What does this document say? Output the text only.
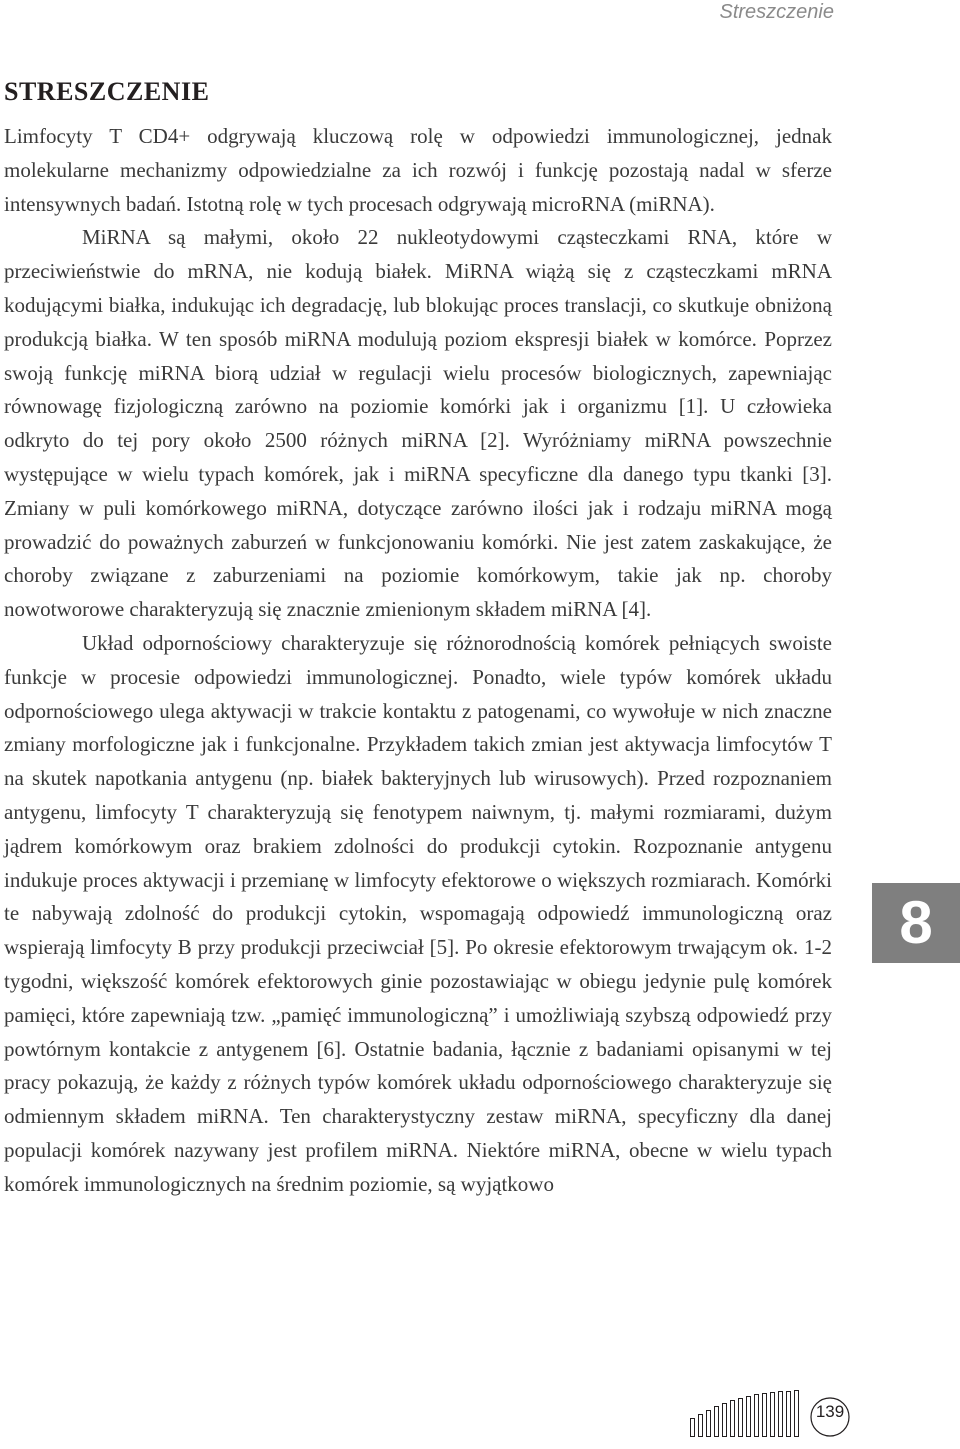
Streszczenie
STRESZCZENIE

Limfocyty T CD4+ odgrywają kluczową rolę w odpowiedzi immunologicznej, jednak molekularne mechanizmy odpowiedzialne za ich rozwój i funkcję pozostają nadal w sferze intensywnych badań. Istotną rolę w tych procesach odgrywają microRNA (miRNA).

MiRNA są małymi, około 22 nukleotydowymi cząsteczkami RNA, które w przeciwieństwie do mRNA, nie kodują białek. MiRNA wiążą się z cząsteczkami mRNA kodującymi białka, indukując ich degradację, lub blokując proces translacji, co skutkuje obniżoną produkcją białka. W ten sposób miRNA modulują poziom ekspresji białek w komórce. Poprzez swoją funkcję miRNA biorą udział w regulacji wielu procesów biologicznych, zapewniając równowagę fizjologiczną zarówno na poziomie komórki jak i organizmu [1]. U człowieka odkryto do tej pory około 2500 różnych miRNA [2]. Wyróżniamy miRNA powszechnie występujące w wielu typach komórek, jak i miRNA specyficzne dla danego typu tkanki [3]. Zmiany w puli komórkowego miRNA, dotyczące zarówno ilości jak i rodzaju miRNA mogą prowadzić do poważnych zaburzeń w funkcjonowaniu komórki. Nie jest zatem zaskakujące, że choroby związane z zaburzeniami na poziomie komórkowym, takie jak np. choroby nowotworowe charakteryzują się znacznie zmienionym składem miRNA [4].

Układ odpornościowy charakteryzuje się różnorodnością komórek pełniących swoiste funkcje w procesie odpowiedzi immunologicznej. Ponadto, wiele typów komórek układu odpornościowego ulega aktywacji w trakcie kontaktu z patogenami, co wywołuje w nich znaczne zmiany morfologiczne jak i funkcjonalne. Przykładem takich zmian jest aktywacja limfocytów T na skutek napotkania antygenu (np. białek bakteryjnych lub wirusowych). Przed rozpoznaniem antygenu, limfocyty T charakteryzują się fenotypem naiwnym, tj. małymi rozmiarami, dużym jądrem komórkowym oraz brakiem zdolności do produkcji cytokin. Rozpoznanie antygenu indukuje proces aktywacji i przemianę w limfocyty efektorowe o większych rozmiarach. Komórki te nabywają zdolność do produkcji cytokin, wspomagają odpowiedź immunologiczną oraz wspierają limfocyty B przy produkcji przeciwciał [5]. Po okresie efektorowym trwającym ok. 1-2 tygodni, większość komórek efektorowych ginie pozostawiając w obiegu jedynie pulę komórek pamięci, które zapewniają tzw. „pamięć immunologiczną” i umożliwiają szybszą odpowiedź przy powtórnym kontakcie z antygenem [6]. Ostatnie badania, łącznie z badaniami opisanymi w tej pracy pokazują, że każdy z różnych typów komórek układu odpornościowego charakteryzuje się odmiennym składem miRNA. Ten charakterystyczny zestaw miRNA, specyficzny dla danej populacji komórek nazywany jest profilem miRNA. Niektóre miRNA, obecne w wielu typach komórek immunologicznych na średnim poziomie, są wyjątkowo

8
139
